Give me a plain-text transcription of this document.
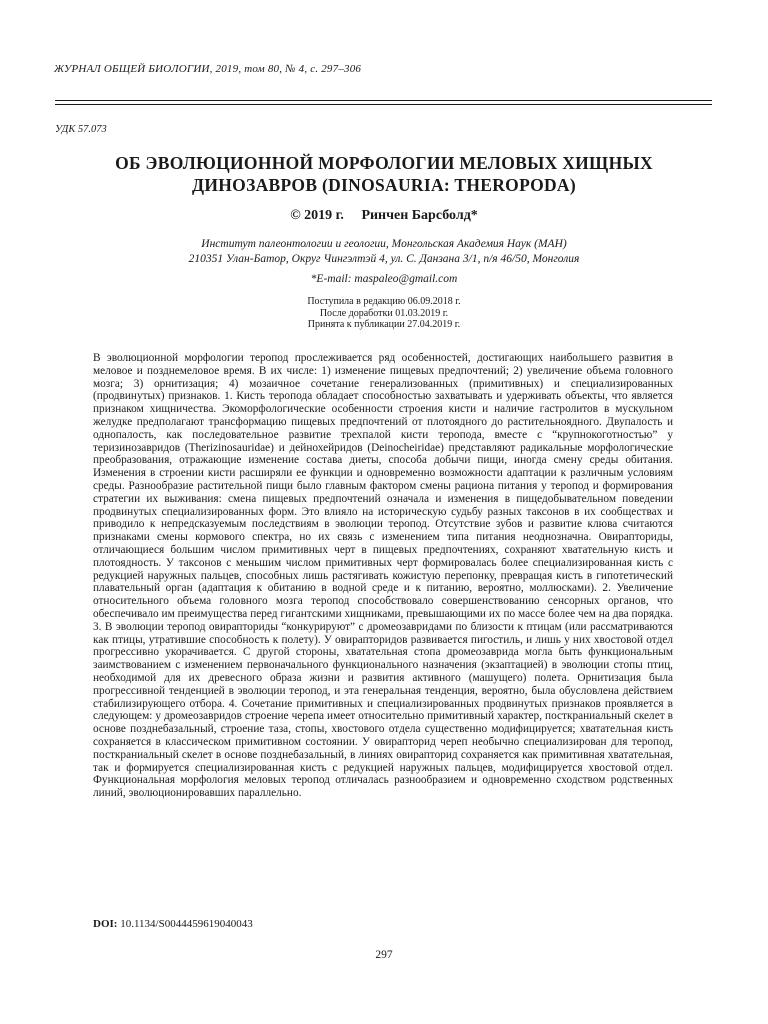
ЖУРНАЛ ОБЩЕЙ БИОЛОГИИ, 2019, том 80, № 4, с. 297–306
УДК 57.073
ОБ ЭВОЛЮЦИОННОЙ МОРФОЛОГИИ МЕЛОВЫХ ХИЩНЫХ ДИНОЗАВРОВ (DINOSAURIA: THEROPODA)
© 2019 г. Ринчен Барсболд*
Институт палеонтологии и геологии, Монгольская Академия Наук (МАН)
210351 Улан-Батор, Округ Чингэлтэй 4, ул. С. Данзана 3/1, п/я 46/50, Монголия
*E-mail: maspaleo@gmail.com
Поступила в редакцию 06.09.2018 г.
После доработки 01.03.2019 г.
Принята к публикации 27.04.2019 г.

В эволюционной морфологии теропод прослеживается ряд особенностей, достигающих наибольшего развития в меловое и позднемеловое время. В их числе: 1) изменение пищевых предпочтений; 2) увеличение объема головного мозга; 3) орнитизация; 4) мозаичное сочетание генерализованных (примитивных) и специализированных (продвинутых) признаков. 1. Кисть теропода обладает способностью захватывать и удерживать объекты, что является признаком хищничества. Экоморфологические особенности строения кисти и наличие гастролитов в мускульном желудке предполагают трансформацию пищевых предпочтений от плотоядного до растительноядного. Двупалость и однопалость, как последовательное развитие трехпалой кисти теропода, вместе с “крупнокоготностью” у теризинозавридов (Therizinosauridae) и дейнохейридов (Deinocheiridae) представляют радикальные морфологические преобразования, отражающие изменение состава диеты, способа добычи пищи, иногда смену среды обитания. Изменения в строении кисти расширяли ее функции и одновременно возможности адаптации к различным условиям среды. Разнообразие растительной пищи было главным фактором смены рациона питания у теропод и формирования стратегии их выживания: смена пищевых предпочтений означала и изменения в пищедобывательном поведении продвинутых специализированных форм. Это влияло на историческую судьбу разных таксонов в их сообществах и приводило к непредсказуемым последствиям в эволюции теропод. Отсутствие зубов и развитие клюва считаются признаками смены кормового спектра, но их связь с изменением типа питания неоднозначна. Овирапториды, отличающиеся большим числом примитивных черт в пищевых предпочтениях, сохраняют хватательную кисть и плотоядность. У таксонов с меньшим числом примитивных черт формировалась более специализированная кисть с редукцией наружных пальцев, способных лишь растягивать кожистую перепонку, превращая кисть в гипотетический плавательный орган (адаптация к обитанию в водной среде и к питанию, вероятно, моллюсками). 2. Увеличение относительного объема головного мозга теропод способствовало совершенствованию сенсорных органов, что обеспечивало им преимущества перед гигантскими хищниками, превышающими их по массе более чем на два порядка. 3. В эволюции теропод овирапториды “конкурируют” с дромеозавридами по близости к птицам (или рассматриваются как птицы, утратившие способность к полету). У овирапторидов развивается пигостиль, и лишь у них хвостовой отдел прогрессивно укорачивается. С другой стороны, хватательная стопа дромеозаврида могла быть функциональным заимствованием с изменением первоначального функционального назначения (экзаптацией) в эволюции стопы птиц, необходимой для их древесного образа жизни и развития активного (машущего) полета. Орнитизация была прогрессивной тенденцией в эволюции теропод, и эта генеральная тенденция, вероятно, была обусловлена действием стабилизирующего отбора. 4. Сочетание примитивных и специализированных продвинутых признаков проявляется в следующем: у дромеозавридов строение черепа имеет относительно примитивный характер, посткраниальный скелет в основе позднебазальный, строение таза, стопы, хвостового отдела существенно модифицируется; хватательная кисть сохраняется в классическом примитивном состоянии. У овирапторид череп необычно специализирован для теропод, посткраниальный скелет в основе позднебазальный, в линиях овирапторид сохраняется как примитивная хватательная, так и формируется специализированная кисть с редукцией наружных пальцев, модифицируется хвостовой отдел. Функциональная морфология меловых теропод отличалась разнообразием и одновременно сходством родственных линий, эволюционировавших параллельно.

DOI: 10.1134/S0044459619040043
297
